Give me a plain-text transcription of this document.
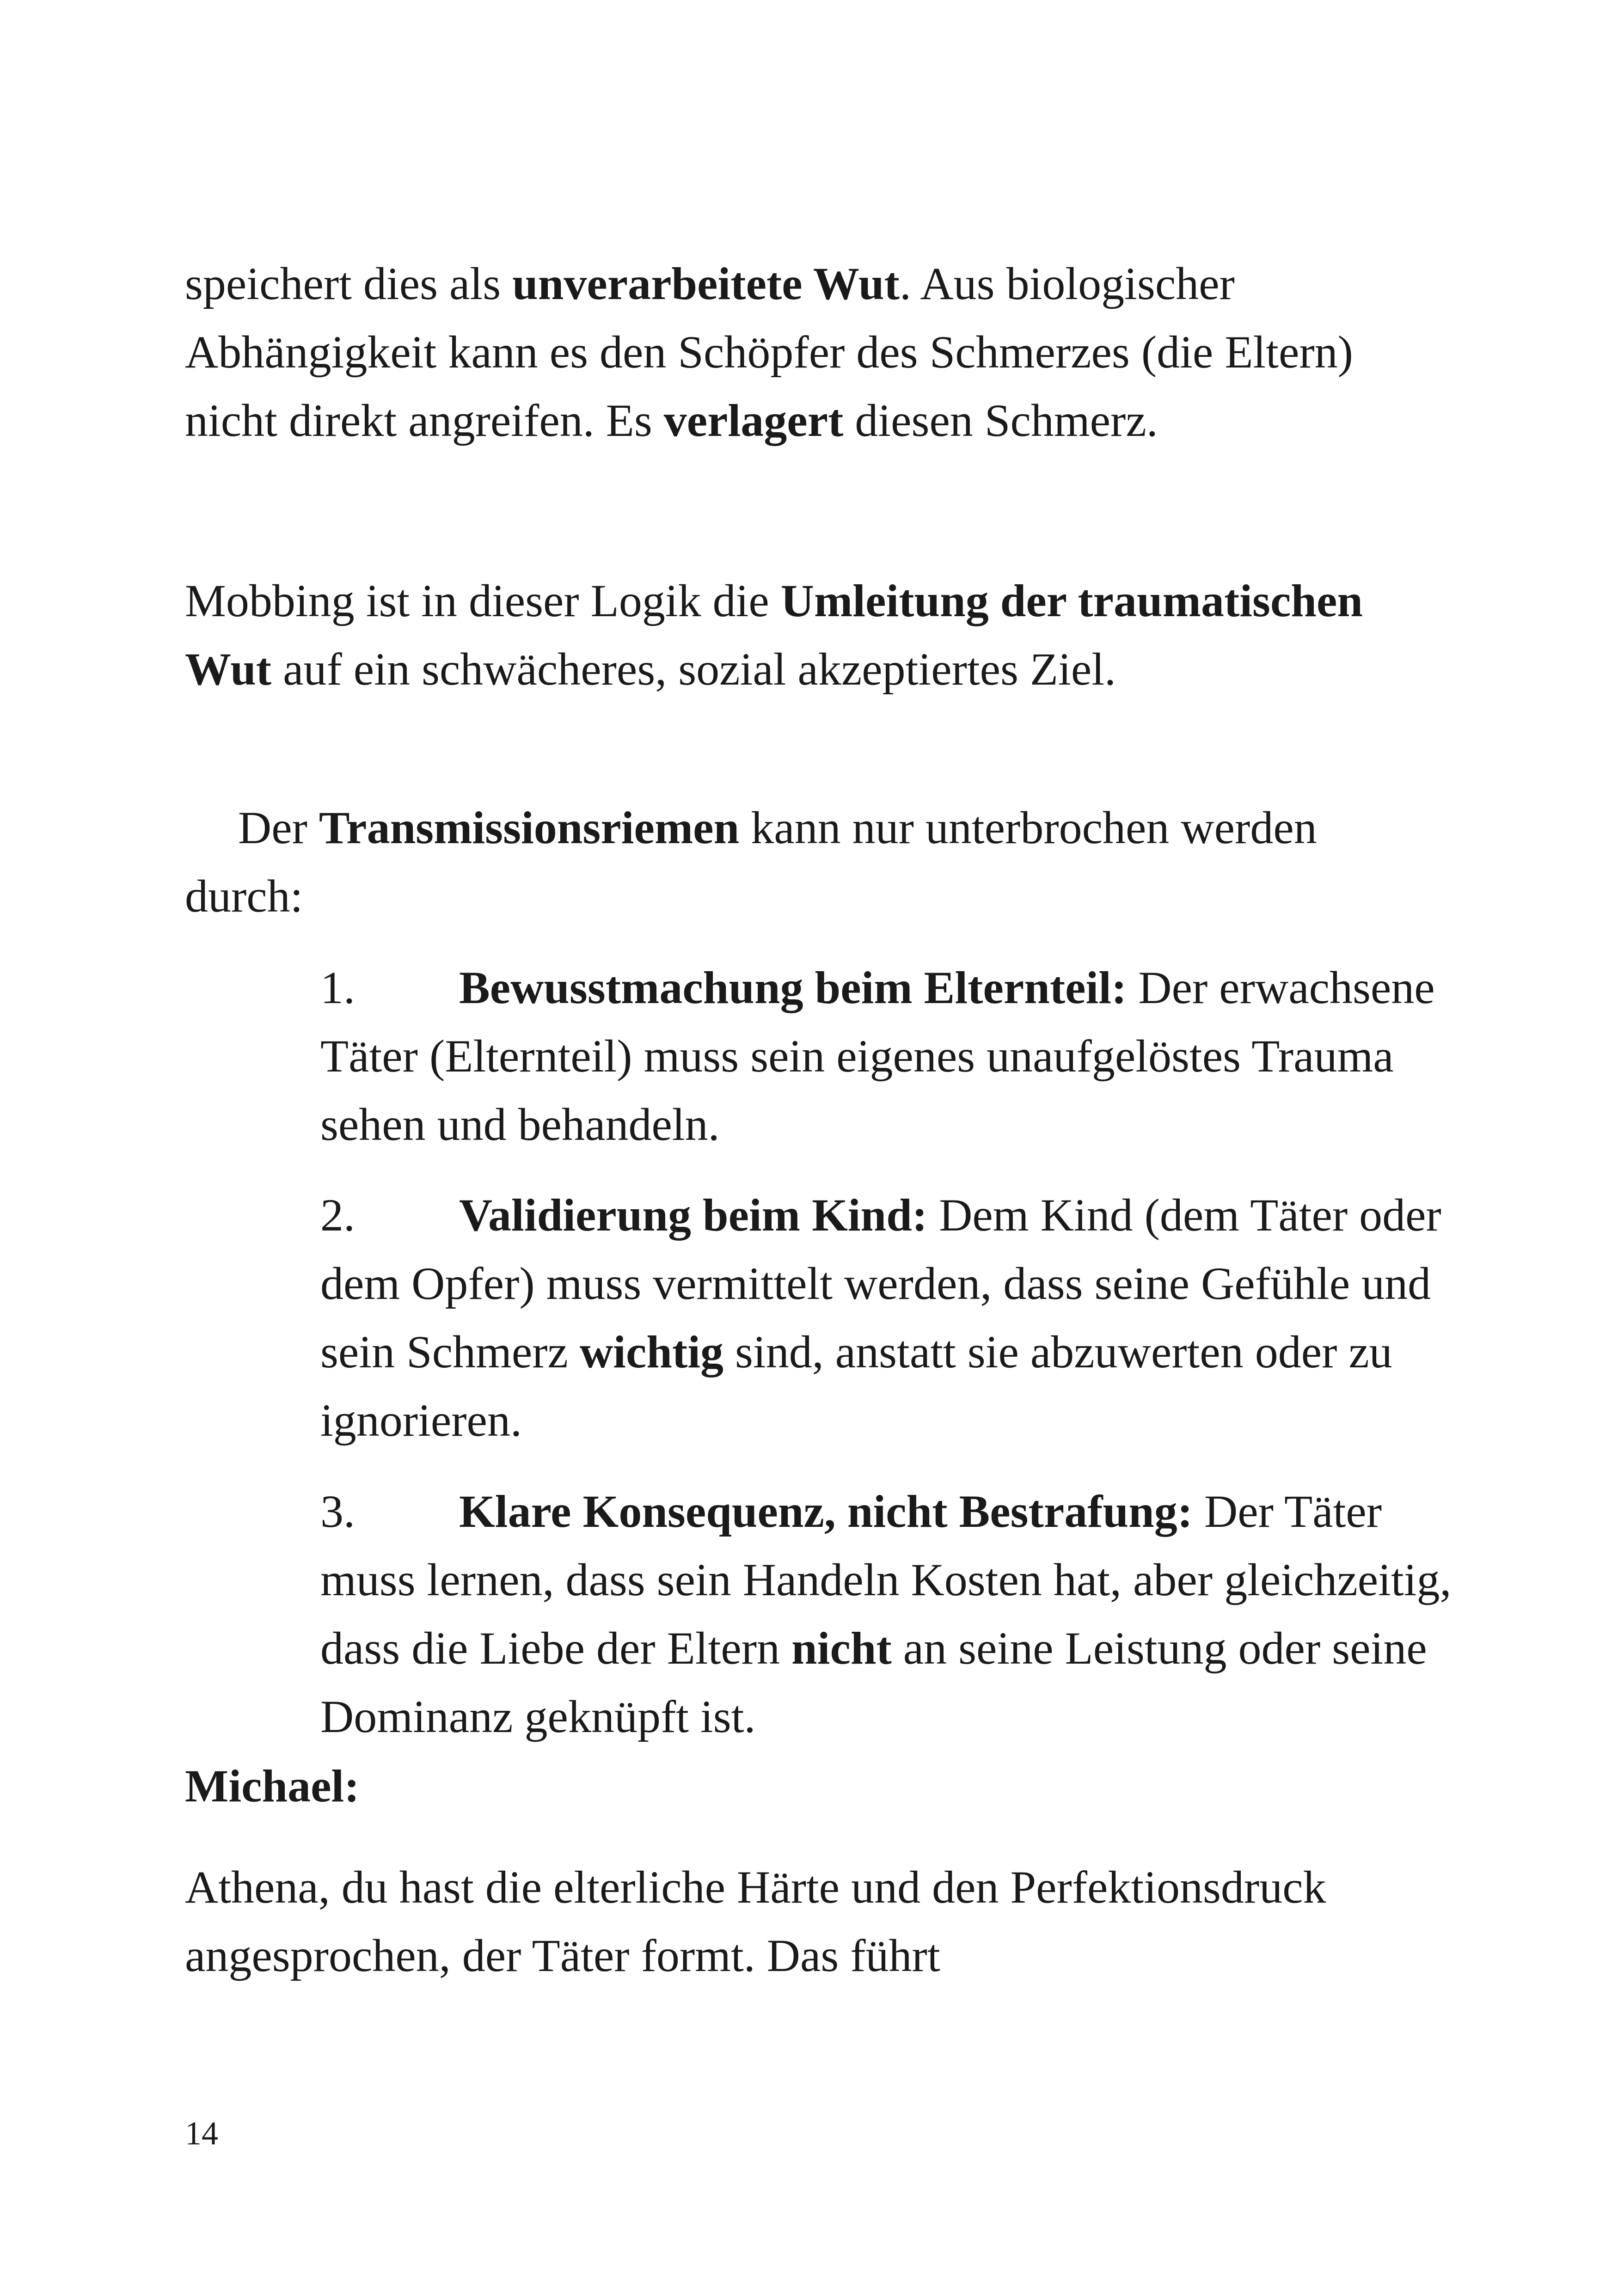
speichert dies als unverarbeitete Wut. Aus biologischer Abhängigkeit kann es den Schöpfer des Schmerzes (die Eltern) nicht direkt angreifen. Es verlagert diesen Schmerz.

Mobbing ist in dieser Logik die Umleitung der traumatischen Wut auf ein schwächeres, sozial akzeptiertes Ziel.

Der Transmissionsriemen kann nur unterbrochen werden durch:

1. Bewusstmachung beim Elternteil: Der erwachsene Täter (Elternteil) muss sein eigenes unaufgelöstes Trauma sehen und behandeln.

2. Validierung beim Kind: Dem Kind (dem Täter oder dem Opfer) muss vermittelt werden, dass seine Gefühle und sein Schmerz wichtig sind, anstatt sie abzuwerten oder zu ignorieren.

3. Klare Konsequenz, nicht Bestrafung: Der Täter muss lernen, dass sein Handeln Kosten hat, aber gleichzeitig, dass die Liebe der Eltern nicht an seine Leistung oder seine Dominanz geknüpft ist.

Michael:

Athena, du hast die elterliche Härte und den Perfektionsdruck angesprochen, der Täter formt. Das führt

14
